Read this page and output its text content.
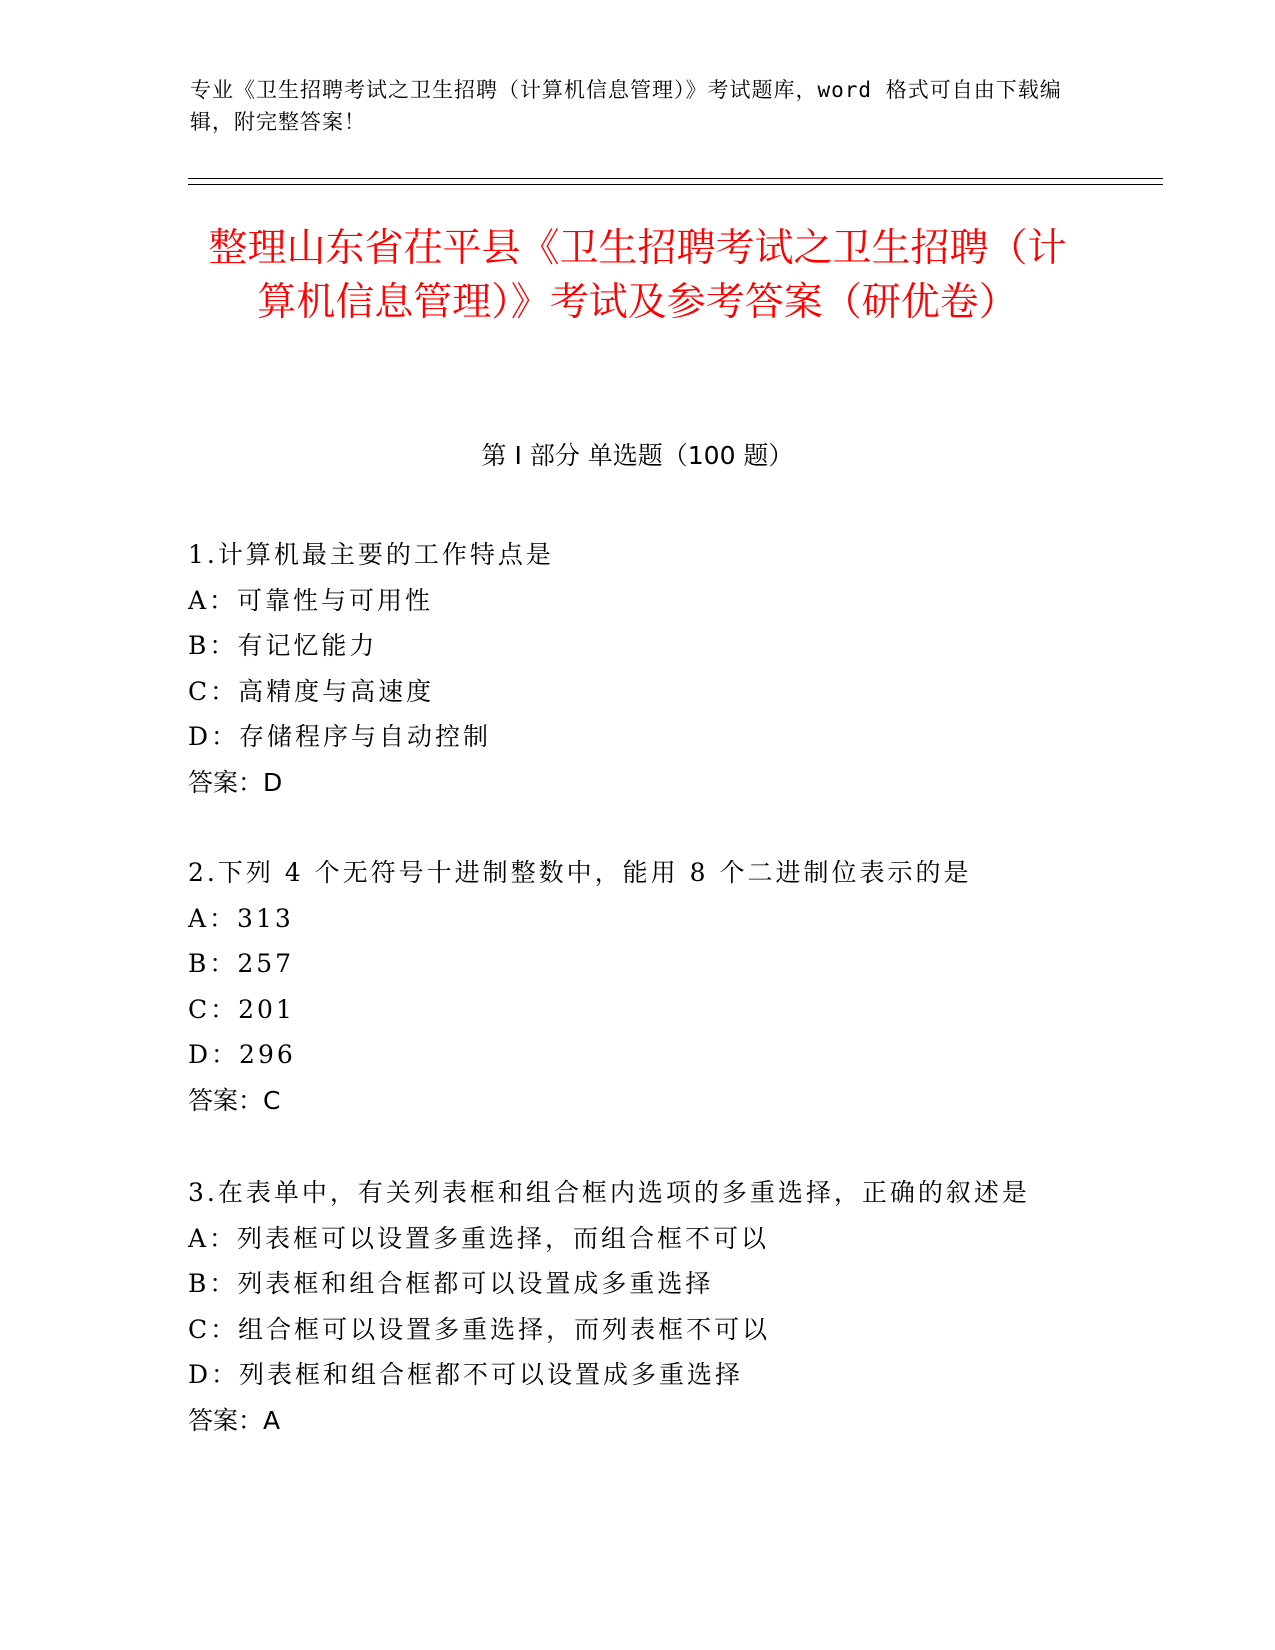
专业《卫生招聘考试之卫生招聘（计算机信息管理）》考试题库，word 格式可自由下载编辑，附完整答案！
整理山东省茌平县《卫生招聘考试之卫生招聘（计算机信息管理）》考试及参考答案（研优卷）
第 I 部分 单选题（100 题）
1.计算机最主要的工作特点是
A：可靠性与可用性
B：有记忆能力
C：高精度与高速度
D：存储程序与自动控制
答案：D
2.下列 4 个无符号十进制整数中，能用 8 个二进制位表示的是
A：313
B：257
C：201
D：296
答案：C
3.在表单中，有关列表框和组合框内选项的多重选择，正确的叙述是
A：列表框可以设置多重选择，而组合框不可以
B：列表框和组合框都可以设置成多重选择
C：组合框可以设置多重选择，而列表框不可以
D：列表框和组合框都不可以设置成多重选择
答案：A
